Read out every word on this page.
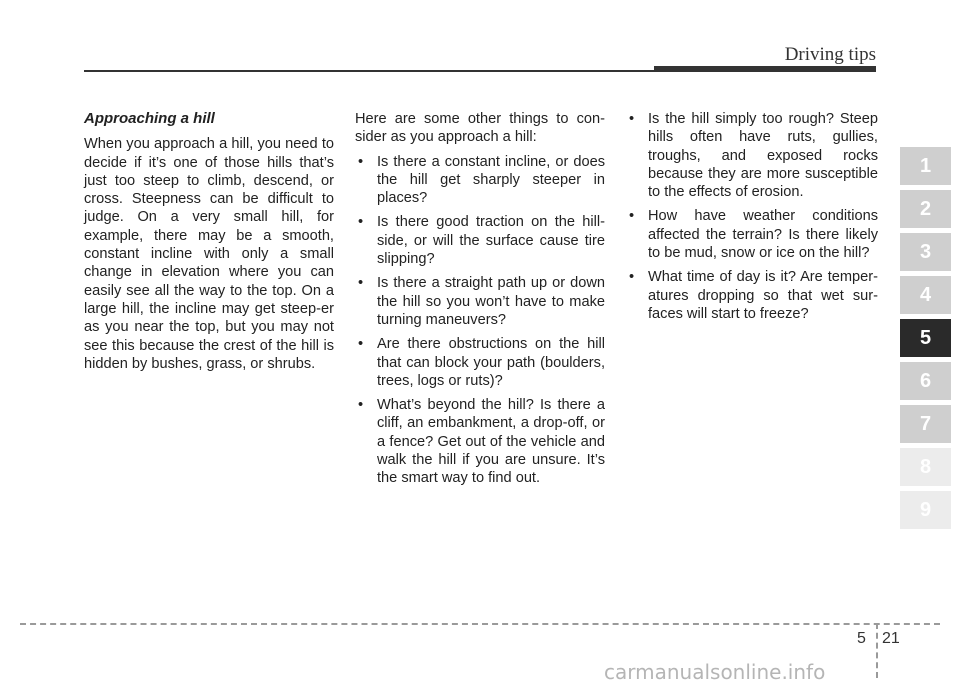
Driving tips

Approaching a hill

When you approach a hill, you need to decide if it’s one of those hills that’s just too steep to climb, descend, or cross. Steepness can be difficult to judge. On a very small hill, for example, there may be a smooth, constant incline with only a small change in elevation where you can easily see all the way to the top. On a large hill, the incline may get steep-er as you near the top, but you may not see this because the crest of the hill is hidden by bushes, grass, or shrubs.

Here are some other things to con-sider as you approach a hill:

• Is there a constant incline, or does the hill get sharply steeper in places?
• Is there good traction on the hill-side, or will the surface cause tire slipping?
• Is there a straight path up or down the hill so you won’t have to make turning maneuvers?
• Are there obstructions on the hill that can block your path (boulders, trees, logs or ruts)?
• What’s beyond the hill? Is there a cliff, an embankment, a drop-off, or a fence? Get out of the vehicle and walk the hill if you are unsure. It’s the smart way to find out.
• Is the hill simply too rough? Steep hills often have ruts, gullies, troughs, and exposed rocks because they are more susceptible to the effects of erosion.
• How have weather conditions affected the terrain? Is there likely to be mud, snow or ice on the hill?
• What time of day is it? Are temper-atures dropping so that wet sur-faces will start to freeze?
1
2
3
4
5
6
7
8
9
5 21
carmanualsonline.info
